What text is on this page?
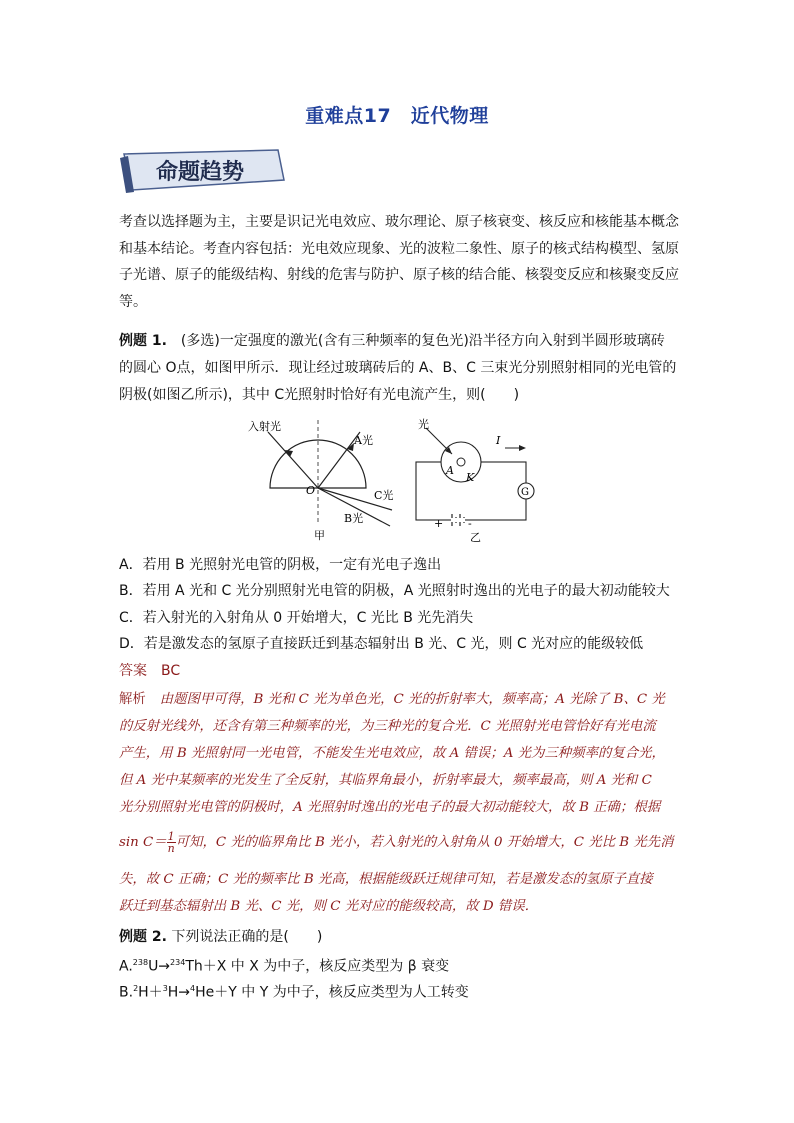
重难点17　近代物理
命题趋势
考查以选择题为主，主要是识记光电效应、玻尔理论、原子核衰变、核反应和核能基本概念和基本结论。考查内容包括：光电效应现象、光的波粒二象性、原子的核式结构模型、氢原子光谱、原子的能级结构、射线的危害与防护、原子核的结合能、核裂变反应和核聚变反应等。
例题 1.　(多选)一定强度的激光(含有三种频率的复色光)沿半径方向入射到半圆形玻璃砖
的圆心 O点，如图甲所示．现让经过玻璃砖后的 A、B、C 三束光分别照射相同的光电管的
阴极(如图乙所示)，其中 C光照射时恰好有光电流产生，则(　　)
入射光
A光
C光
B光
O
甲
G
光
I
A
K
+ -
乙
A．若用 B 光照射光电管的阴极，一定有光电子逸出
B．若用 A 光和 C 光分别照射光电管的阴极，A 光照射时逸出的光电子的最大初动能较大
C．若入射光的入射角从 0 开始增大，C 光比 B 光先消失
D．若是激发态的氢原子直接跃迁到基态辐射出 B 光、C 光，则 C 光对应的能级较低
答案　 BC
解析 由题图甲可得，B 光和 C 光为单色光，C 光的折射率大，频率高；A 光除了 B、C 光
的反射光线外，还含有第三种频率的光，为三种光的复合光．C 光照射光电管恰好有光电流
产生，用 B 光照射同一光电管，不能发生光电效应，故 A 错误；A 光为三种频率的复合光，
但 A 光中某频率的光发生了全反射，其临界角最小，折射率最大，频率最高，则 A 光和 C
光分别照射光电管的阴极时，A 光照射时逸出的光电子的最大初动能较大，故 B 正确；根据
$\sin C= \frac{1}{n}$ 可知，C 光的临界角比 B 光小，若入射光的入射角从 0 开始增大，C 光比 B 光先消
失，故 C 正确；C 光的频率比 B 光高，根据能级跃迁规律可知，若是激发态的氢原子直接
跃迁到基态辐射出 B 光、C 光，则 C 光对应的能级较高，故 D 错误．
例题 2. 下列说法正确的是(　　)
A.$^{238}$U→$^{234}$Th＋X 中 X 为中子，核反应类型为 β 衰变
B.$^2$H＋$^3$H→$^4$He＋Y 中 Y 为中子，核反应类型为人工转变
